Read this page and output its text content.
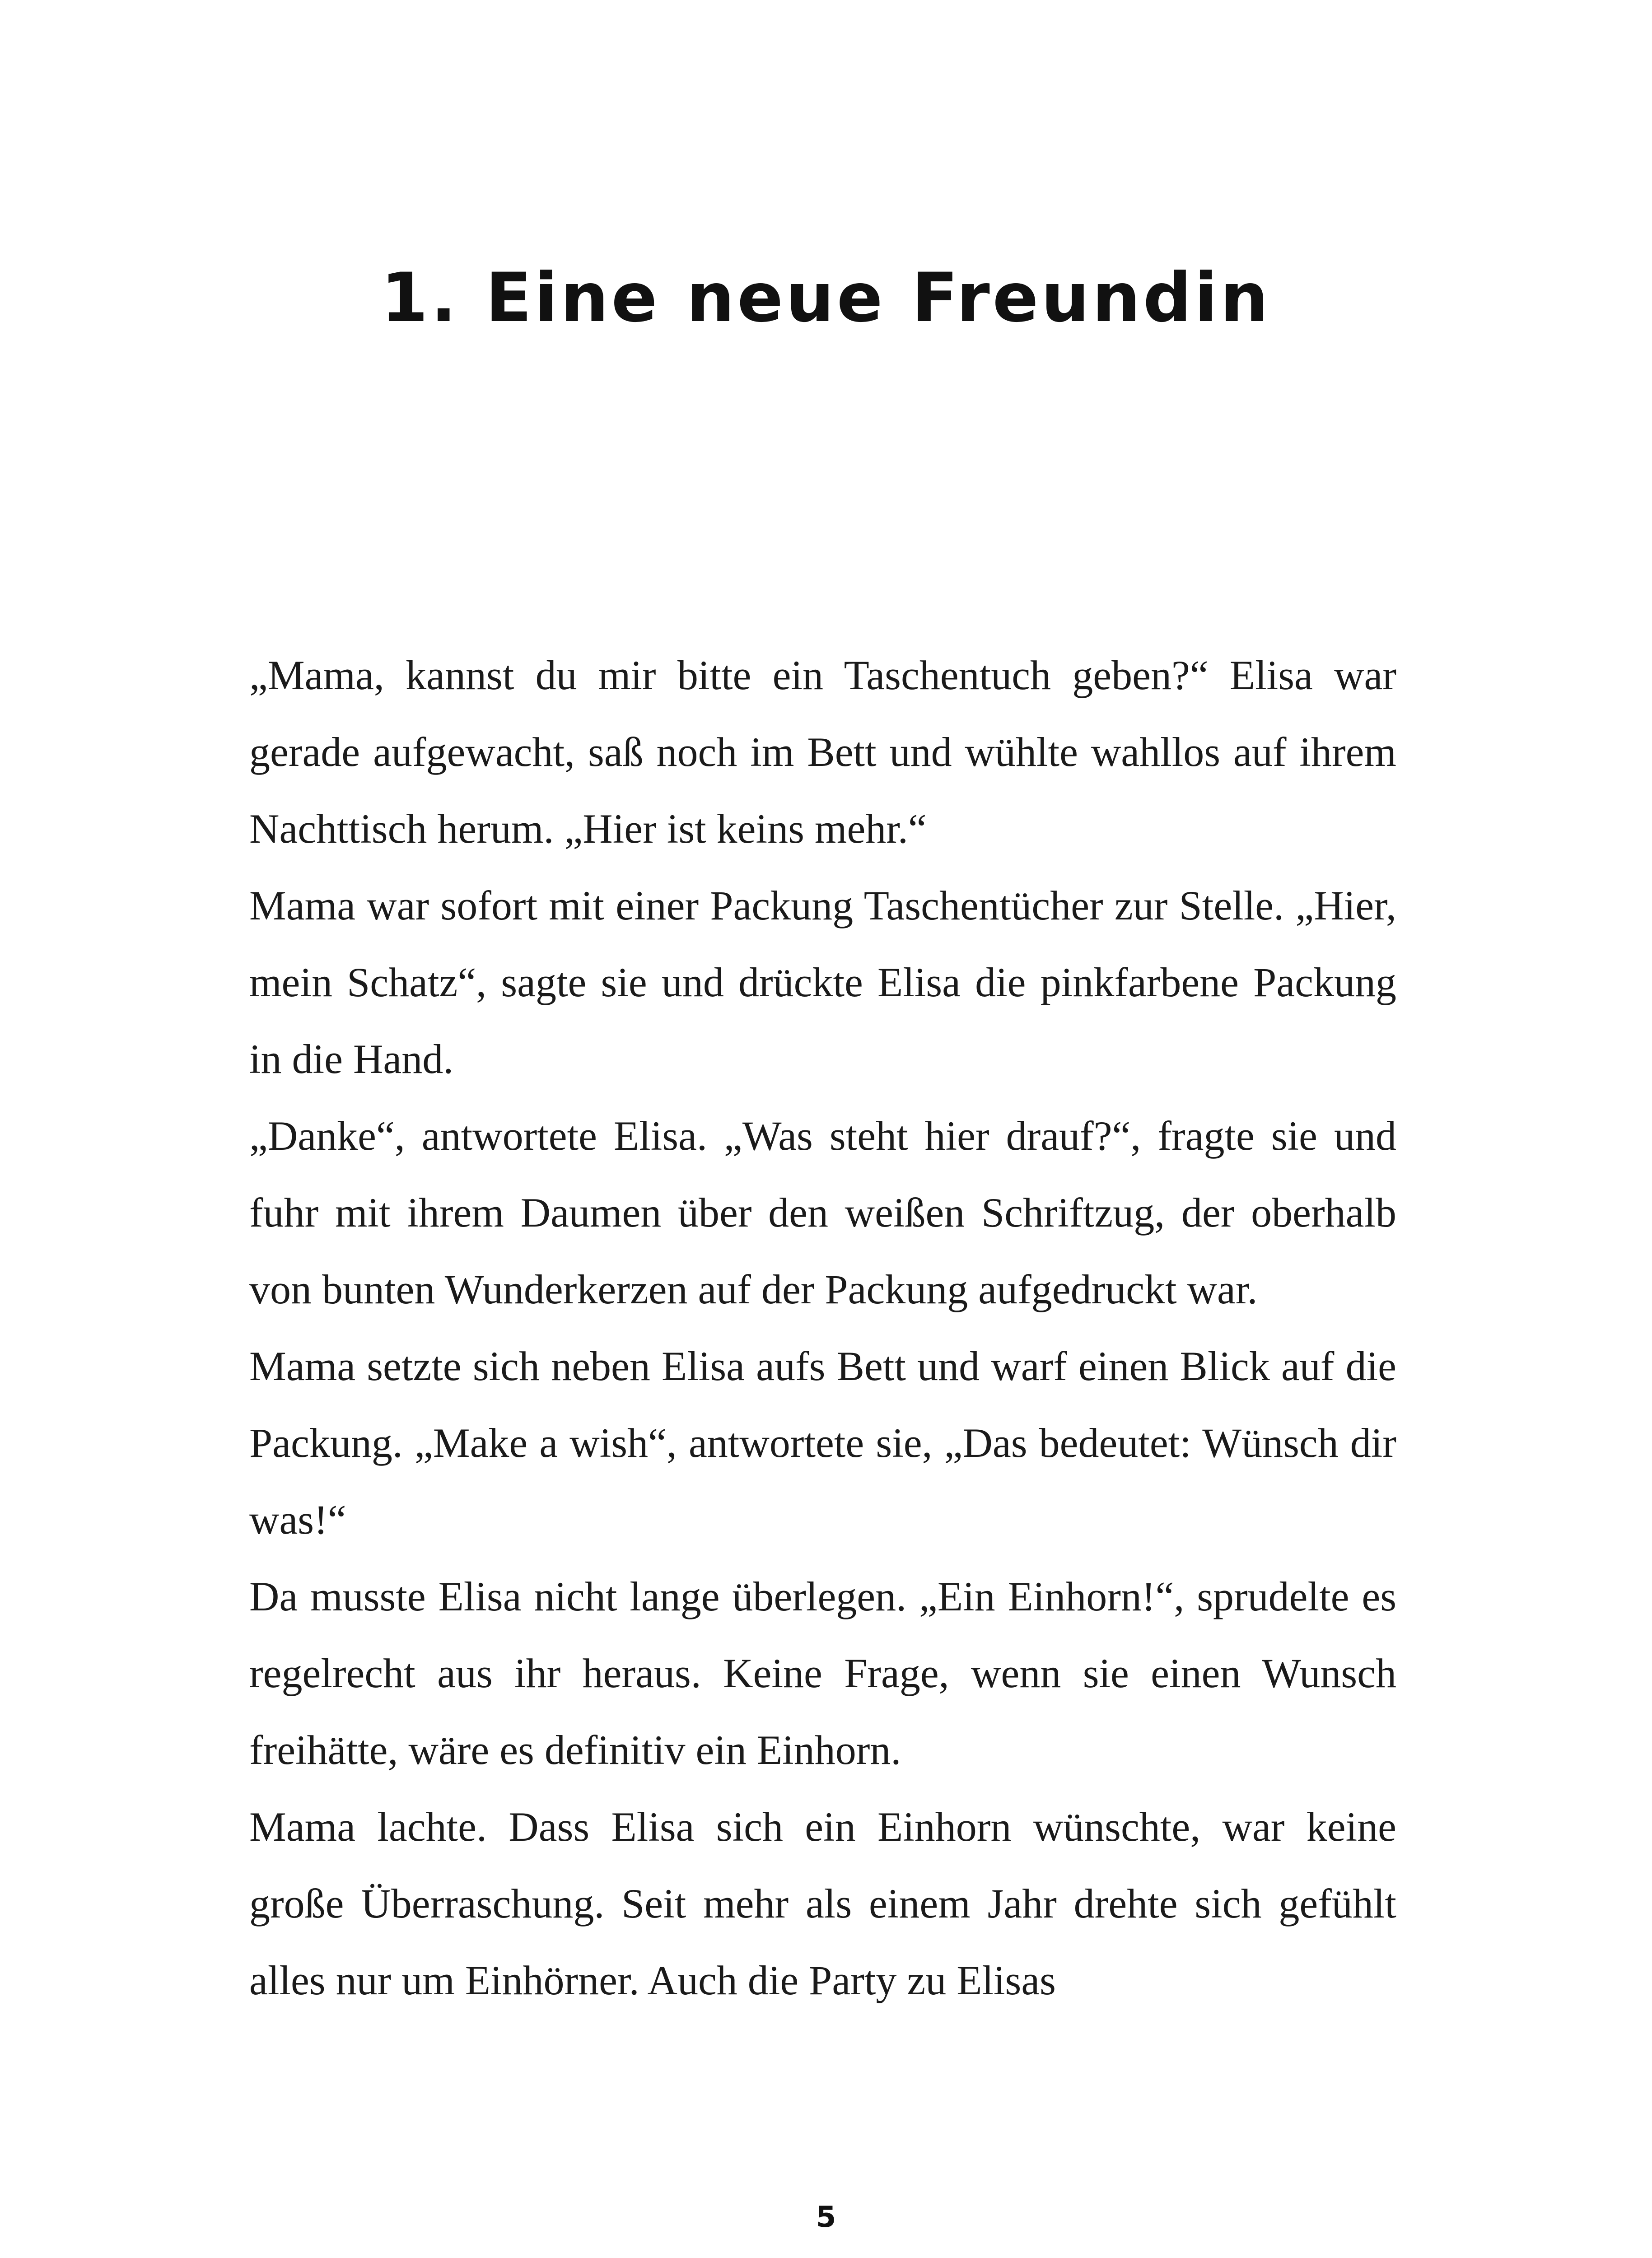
1. Eine neue Freundin

„Mama, kannst du mir bitte ein Taschentuch geben?“ Elisa war gerade aufgewacht, saß noch im Bett und wühlte wahllos auf ihrem Nachttisch herum. „Hier ist keins mehr.“

Mama war sofort mit einer Packung Taschentücher zur Stelle. „Hier, mein Schatz“, sagte sie und drückte Elisa die pinkfarbene Packung in die Hand.

„Danke“, antwortete Elisa. „Was steht hier drauf?“, fragte sie und fuhr mit ihrem Daumen über den weißen Schriftzug, der oberhalb von bunten Wunderkerzen auf der Packung aufgedruckt war.

Mama setzte sich neben Elisa aufs Bett und warf einen Blick auf die Packung. „Make a wish“, antwortete sie, „Das bedeutet: Wünsch dir was!“

Da musste Elisa nicht lange überlegen. „Ein Einhorn!“, sprudelte es regelrecht aus ihr heraus. Keine Frage, wenn sie einen Wunsch freihätte, wäre es definitiv ein Einhorn.

Mama lachte. Dass Elisa sich ein Einhorn wünschte, war keine große Überraschung. Seit mehr als einem Jahr drehte sich gefühlt alles nur um Einhörner. Auch die Party zu Elisas

5
